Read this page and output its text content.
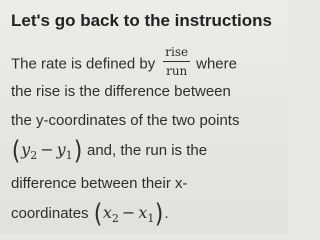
Let's go back to the instructions
The rate is defined by $\frac{\text{rise}}{\text{run}}$ where
the rise is the difference between
the y-coordinates of the two points
$(y_2 - y_1)$ and, the run is the
difference between their x-
coordinates $(x_2 - x_1)$.
